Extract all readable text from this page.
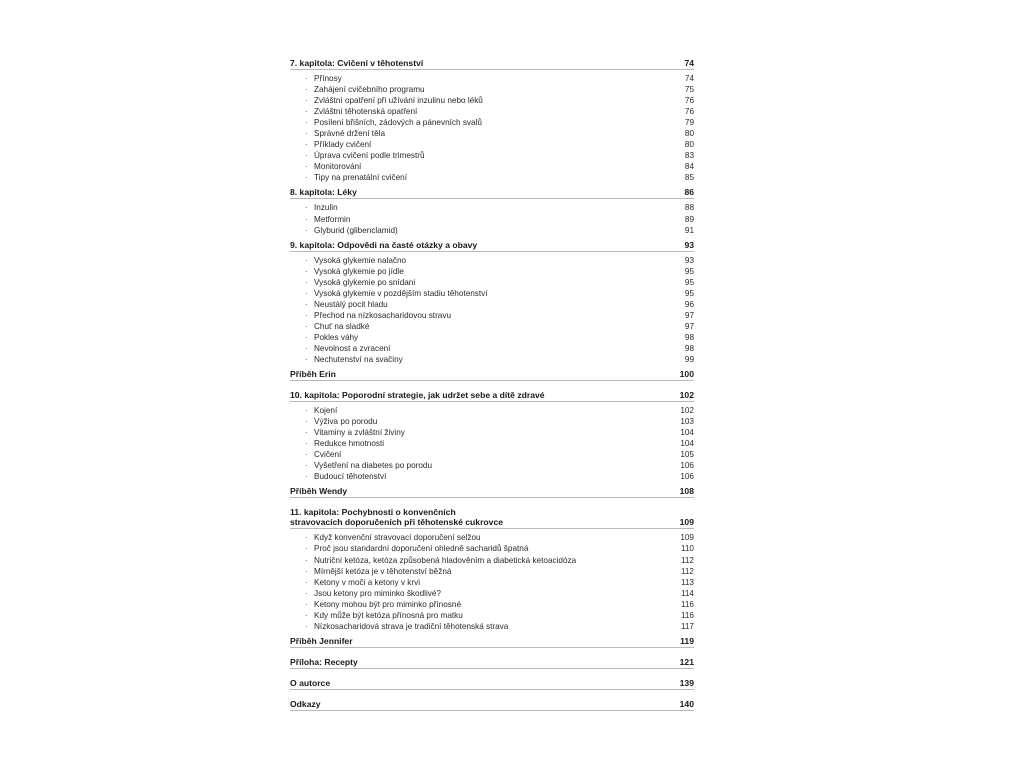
7. kapitola: Cvičení v těhotenství	74
· Přínosy	74
· Zahájení cvičebního programu	75
· Zvláštní opatření při užívání inzulinu nebo léků	76
· Zvláštní těhotenská opatření	76
· Posílení břišních, zádových a pánevních svalů	79
· Správné držení těla	80
· Příklady cvičení	80
· Úprava cvičení podle trimestrů	83
· Monitorování	84
· Tipy na prenatální cvičení	85
8. kapitola: Léky	86
· Inzulin	88
· Metformin	89
· Glyburid (glibenclamid)	91
9. kapitola: Odpovědi na časté otázky a obavy	93
· Vysoká glykemie nalačno	93
· Vysoká glykemie po jídle	95
· Vysoká glykemie po snídani	95
· Vysoká glykemie v pozdějším stadiu těhotenství	95
· Neustálý pocit hladu	96
· Přechod na nízkosacharidovou stravu	97
· Chuť na sladké	97
· Pokles váhy	98
· Nevolnost a zvracení	98
· Nechutenství na svačiny	99
Příběh Erin	100
10. kapitola: Poporodní strategie, jak udržet sebe a dítě zdravé	102
· Kojení	102
· Výživa po porodu	103
· Vitaminy a zvláštní živiny	104
· Redukce hmotnosti	104
· Cvičení	105
· Vyšetření na diabetes po porodu	106
· Budoucí těhotenství	106
Příběh Wendy	108
11. kapitola: Pochybnosti o konvenčních
stravovacích doporučeních při těhotenské cukrovce	109
· Když konvenční stravovací doporučení selžou	109
· Proč jsou standardní doporučení ohledně sacharidů špatná	110
· Nutriční ketóza, ketóza způsobená hladověním a diabetická ketoacidóza	112
· Mírnější ketóza je v těhotenství běžná	112
· Ketony v moči a ketony v krvi	113
· Jsou ketony pro miminko škodlivé?	114
· Ketony mohou být pro miminko přínosné	116
· Kdy může být ketóza přínosná pro matku	116
· Nízkosacharidová strava je tradiční těhotenská strava	117
Příběh Jennifer	119
Příloha: Recepty	121
O autorce	139
Odkazy	140
